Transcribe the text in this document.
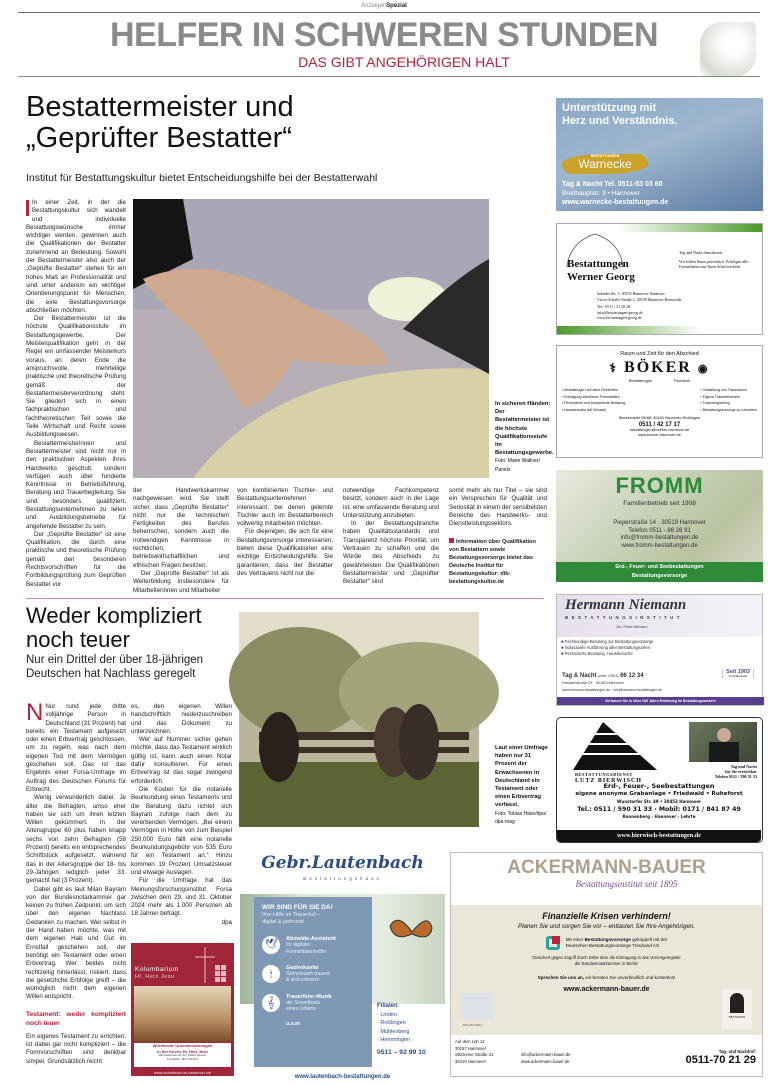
AnzeigenSpezial
HELFER IN SCHWEREN STUNDEN
DAS GIBT ANGEHÖRIGEN HALT
Bestattermeister und
„Geprüfter Bestatter“
Institut für Bestattungskultur bietet Entscheidungshilfe bei der Bestatterwahl

In einer Zeit, in der die Bestattungskultur sich wandelt und individuelle Bestattungswünsche immer wichtiger werden, gewinnen auch die Qualifikationen der Bestatter zunehmend an Bedeutung. Sowohl der Bestattermeister also auch der „Geprüfte Bestatter“ stehen für ein hohes Maß an Professionalität und sind unter anderem ein wichtiger Orientierungspunkt für Menschen, die eine Bestattungsvorsorge abschließen möchten.

Der Bestattermeister ist die höchste Qualifikationsstufe im Bestattungsgewerbe. Der Meisterqualifikation geht in der Regel ein umfassender Meisterkurs voraus, an deren Ende die anspruchsvolle, mehrteilige praktische und theoretische Prüfung gemäß der Bestattermeisterverordnung steht. Sie gliedert sich in einen fachpraktischen und fachtheoretischen Teil sowie die Teile Wirtschaft und Recht sowie Ausbildungswesen.

Bestattermeisterinnen und Bestattermeister sind nicht nur in den praktischen Aspekten ihres Handwerks geschult, sondern verfügen auch über fundierte Kenntnisse in Betriebsführung, Beratung und Trauerbegleitung. Sie sind besonders qualifiziert, Bestattungsunternehmen zu leiten und Ausbildungsbetriebe für angehende Bestatter zu sein.

Der „Geprüfte Bestatter“ ist eine Qualifikation, die durch eine praktische und theoretische Prüfung gemäß den besonderen Rechtsvorschriften für die Fortbildungsprüfung zum Geprüften Bestatter vor

In sicheren Händen: Der Bestattermeister ist die höchste Qualifikationsstufe im Bestattungsgewerbe.
Foto: Marie Wallner/ Panels

der Handwerkskammer nachgewiesen wird. Sie stellt sicher, dass „Geprüfte Bestatter“ nicht nur die technischen Fertigkeiten des Berufes beherrschen, sondern auch die notwendigen Kenntnisse in rechtlichen, betriebswirtschaftlichen und ethischen Fragen besitzen.

Der „Geprüfte Bestatter“ ist als Weiterbildung insbesondere für Mitarbeiterinnen und Mitarbeiter

von kombinierten Tischler- und Bestattungsunternehmen interessant, bei denen gelernte Tischler auch im Bestatterbereich vollwertig mitarbeiten möchten.

Für diejenigen, die sich für eine Bestattungsvorsorge interessieren, bieten diese Qualifikationen eine wichtige Entscheidungshilfe. Sie garantieren, dass der Bestatter des Vertrauens nicht nur die

notwendige Fachkompetenz besitzt, sondern auch in der Lage ist, eine umfassende Beratung und Unterstützung anzubieten.

In der Bestattungsbranche haben Qualitätsstandards und Transparenz höchste Priorität, um Vertrauen zu schaffen und die Würde des Abschieds zu gewährleisten. Die Qualifikationen Bestattermeister und „Geprüfter Bestatter“ sind

somit mehr als nur Titel – sie sind ein Versprechen für Qualität und Seriosität in einem der sensibelsten Bereiche des Handwerks- und Dienstleistungssektors.

Information über Qualifikation von Bestattern sowie Bestattungsvorsorge bietet das Deutsche Institut für Bestattungskultur: dib-bestattungskultur.de
Weder kompliziert
noch teuer
Nur ein Drittel der über 18-jährigen
Deutschen hat Nachlass geregelt

N Nur rund jede dritte volljährige Person in Deutschland (31 Prozent) hat bereits ein Testament aufgesetzt oder einen Erbvertrag geschlossen, um zu regeln, was nach dem eigenen Tod mit dem Vermögen geschehen soll. Das ist das Ergebnis einer Forsa-Umfrage im Auftrag des Deutschen Forums für Erbrecht.

Wenig verwunderlich dabei: Je älter die Befragten, umso eher haben sie sich um ihren letzten Willen gekümmert. In der Altersgruppe 60 plus haben knapp sechs von zehn Befragten (58 Prozent) bereits ein entsprechendes Schriftstück aufgesetzt, während das in der Altersgruppe der 18- bis 29-Jährigen lediglich jeder 33. gemacht hat (3 Prozent).

Dabei gibt es laut Milan Bayram von der Bundesnotarkammer gar keinen zu frühen Zeitpunkt, um sich über den eigenen Nachlass Gedanken zu machen. Wer selbst in der Hand haben möchte, was mit dem eigenen Hab und Gut im Ernstfall geschehen soll, der benötigt ein Testament oder einen Erbvertrag. Wer beides nicht rechtzeitig hinterlässt, riskiert, dass die gesetzliche Erbfolge greift – die womöglich nicht dem eigenen Willen entspricht.

Testament: weder kompliziert noch teuer

Ein eigenes Testament zu errichten, ist dabei gar nicht kompliziert – die Formvorschriften sind denkbar simpel. Grundsätzlich reicht

es, den eigenen Willen handschriftlich niederzuschreiben und das Dokument zu unterzeichnen.

Wer auf Nummer sicher gehen möchte, dass das Testament wirklich gültig ist, kann auch einen Notar dafür konsultieren. Für einen Erbvertrag ist das sogar zwingend erforderlich.

Die Kosten für die notarielle Beurkundung eines Testaments und die Beratung dazu richtet sich Bayram zufolge nach dem zu vererbenden Vermögen. „Bei einem Vermögen in Höhe von zum Beispiel 250.000 Euro fällt eine notarielle Beurkundungsgebühr von 535 Euro für ein Testament an.“ Hinzu kommen 19 Prozent Umsatzsteuer und etwaige Auslagen.

Für die Umfrage hat das Meinungsforschungsinstitut Forsa zwischen dem 29. und 31. Oktober 2024 mehr als 1.000 Personen ab 18 Jahren befragt.

dpa
Laut einer Umfrage haben nur 31 Prozent der Erwachsenen in Deutschland ein Testament oder einen Erbvertrag verfasst.
Foto: Tobias Hase/dpa/ dpa-mag
Unterstützung mit
Herz und Verständnis.
BESTATTUNGEN
Warnecke
Tag & Nacht Tel. 0511-53 03 60
Breithauptstr. 3 • Hannover
www.warnecke-bestattungen.de
Bestattungen
Werner Georg
Tag und Nacht dienstbereit
Wir helfen Ihnen persönlich. Erledigen alle Formalitäten und Ihren Schriftverkehr.
Sehnder Str. 5, 30559 Hannover-Anderten
Victor-Schulte-Straße 2, 30539 Hannover-Bemerode
Tel.: 0511 / 51 28 28
info@bestattungen-georg.de
www.bestattungen-georg.de
Raum und Zeit für den Abschied
⚕ BÖKER ◉
Bestattungen	Tischlerei
▪ Bestattungen auf allen Friedhöfen
▪ Erledigung sämtlicher Formalitäten
▪ Persönliche und kompetente Beratung
▪ Hausbesuche auf Wunsch
▪ Gestaltung von Trauerdruck
▪ Eigene Trauerfeierhalle
▪ Trauerbegleitung
▪ Bestattungsvorsorge zu Lebzeiten
Beekestraße 66/68, 30459 Hannover-Ricklingen
0511 / 42 17 17
bestattungen@boeker-hannover.de
www.boeker-hannover.de
FROMM
Familienbetrieb seit 1908
Pieperstraße 14 · 30519 Hannover
Telefon 0511 - 86 26 91
info@fromm-bestattungen.de
www.fromm-bestattungen.de
Erd-, Feuer- und Seebestattungen
Bestattungsvorsorge
Hermann Niemann
BESTATTUNGSINSTITUT
Inh. Petra Niemann
■ Fachkundige Beratung zur Bestattungsvorsorge
■ Individuelle Ausführung aller Bestattungsarten
■ Persönliche Beratung, Hausbesuche
Tag & Nacht unter: (0511) 66 12 34
Seit 1903
in Familienbesitz
Husarenstraße 29 · 30163 Hannover
www.niemann-bestattungen.de · info@niemann-bestattungen.de
Vertrauen Sie in über 100 Jahre Erfahrung im Bestattungswesen!
BESTATTUNGSDIENST
LUTZ BIERWISCH
Tag und Nacht
für Sie erreichbar
Telefon 0511 / 590 31 33
Erd-, Feuer-, Seebestattungen
eigene anonyme Grabanlage • Friedwald • Ruheforst
Wunstorfer Str. 49 • 30453 Hannover
Tel.: 0511 / 590 31 33 · Mobil: 0171 / 841 87 49
Ronnenberg - Hannover - Lehrte
www.bierwisch-bestattungen.de
Kolumbarium
Hl. Herz Jesu
Würdevolle Urnenbeisetzungen
in der Kirche Hl. Herz Jesu
Max-Küchemann-Str. 13 • 30449 Hannover
Info-Telefon: 0511 9 59 26-0
www.kolumbarium-hannover.de
Gebr.Lautenbach
Bestattungshaus
WIR SIND FÜR SIE DA!
Ihre Hilfe im Trauerfall –
digital & jederzeit
🕊
Abmelde-Assistent
Ihr digitaler
Formalitätenhelfer
🕯
Gedenkseite
Gemeinsam trauern
& sich erinnern
𝄞
Trauerfeier-Musik
der Soundtrack
eines Lebens
u.v.m
Filialen
· Linden
· Ricklingen
· Mühlenberg
· Hemmingen
0511 – 92 99 10
www.lautenbach-bestattungen.de
ACKERMANN-BAUER
Bestattungsinstitut seit 1895
Finanzielle Krisen verhindern!
Planen Sie und sorgen Sie vor – entlasten Sie Ihre Angehörigen.
Mit einer Bestattungsvorsorge gekoppelt mit der
Deutschen Bestattungsvorsorge Treuhand AG
Gesichert gegen Zugriff durch Dritte über die Eintragung in das Vorsorgeregister
der Bundesnotarkammer in Berlin!
Sprechen Sie uns an, wir beraten Sie unverbindlich und kostenlos!
www.ackermann-bauer.de
DIN EN 15017
BESTATTER
Auf dem Loh 12
30167 Hannover
Stöckener Straße 21
30419 Hannover
info@ackermann-bauer.de
www.ackermann-bauer.de
Tag- und Nachtruf:
0511-70 21 29
